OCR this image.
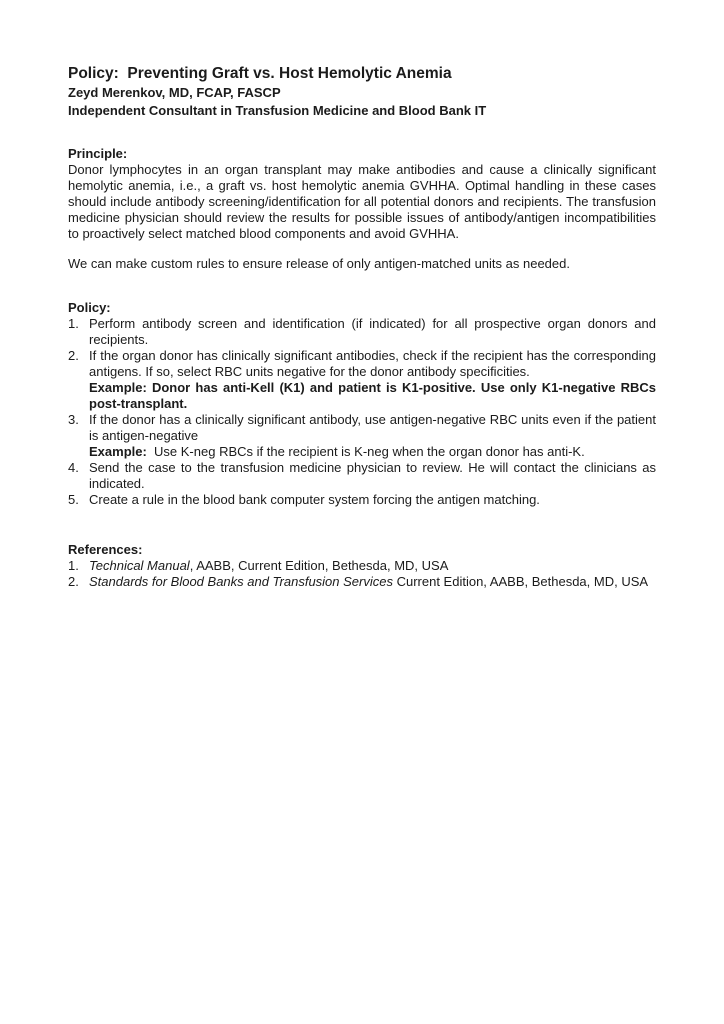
Policy:  Preventing Graft vs. Host Hemolytic Anemia
Zeyd Merenkov, MD, FCAP, FASCP
Independent Consultant in Transfusion Medicine and Blood Bank IT
Principle:
Donor lymphocytes in an organ transplant may make antibodies and cause a clinically significant hemolytic anemia, i.e., a graft vs. host hemolytic anemia GVHHA. Optimal handling in these cases should include antibody screening/identification for all potential donors and recipients. The transfusion medicine physician should review the results for possible issues of antibody/antigen incompatibilities to proactively select matched blood components and avoid GVHHA.
We can make custom rules to ensure release of only antigen-matched units as needed.
Policy:
1. Perform antibody screen and identification (if indicated) for all prospective organ donors and recipients.
2. If the organ donor has clinically significant antibodies, check if the recipient has the corresponding antigens. If so, select RBC units negative for the donor antibody specificities.
Example: Donor has anti-Kell (K1) and patient is K1-positive. Use only K1-negative RBCs post-transplant.
3. If the donor has a clinically significant antibody, use antigen-negative RBC units even if the patient is antigen-negative
Example:  Use K-neg RBCs if the recipient is K-neg when the organ donor has anti-K.
4. Send the case to the transfusion medicine physician to review. He will contact the clinicians as indicated.
5. Create a rule in the blood bank computer system forcing the antigen matching.
References:
1. Technical Manual, AABB, Current Edition, Bethesda, MD, USA
2. Standards for Blood Banks and Transfusion Services Current Edition, AABB, Bethesda, MD, USA
